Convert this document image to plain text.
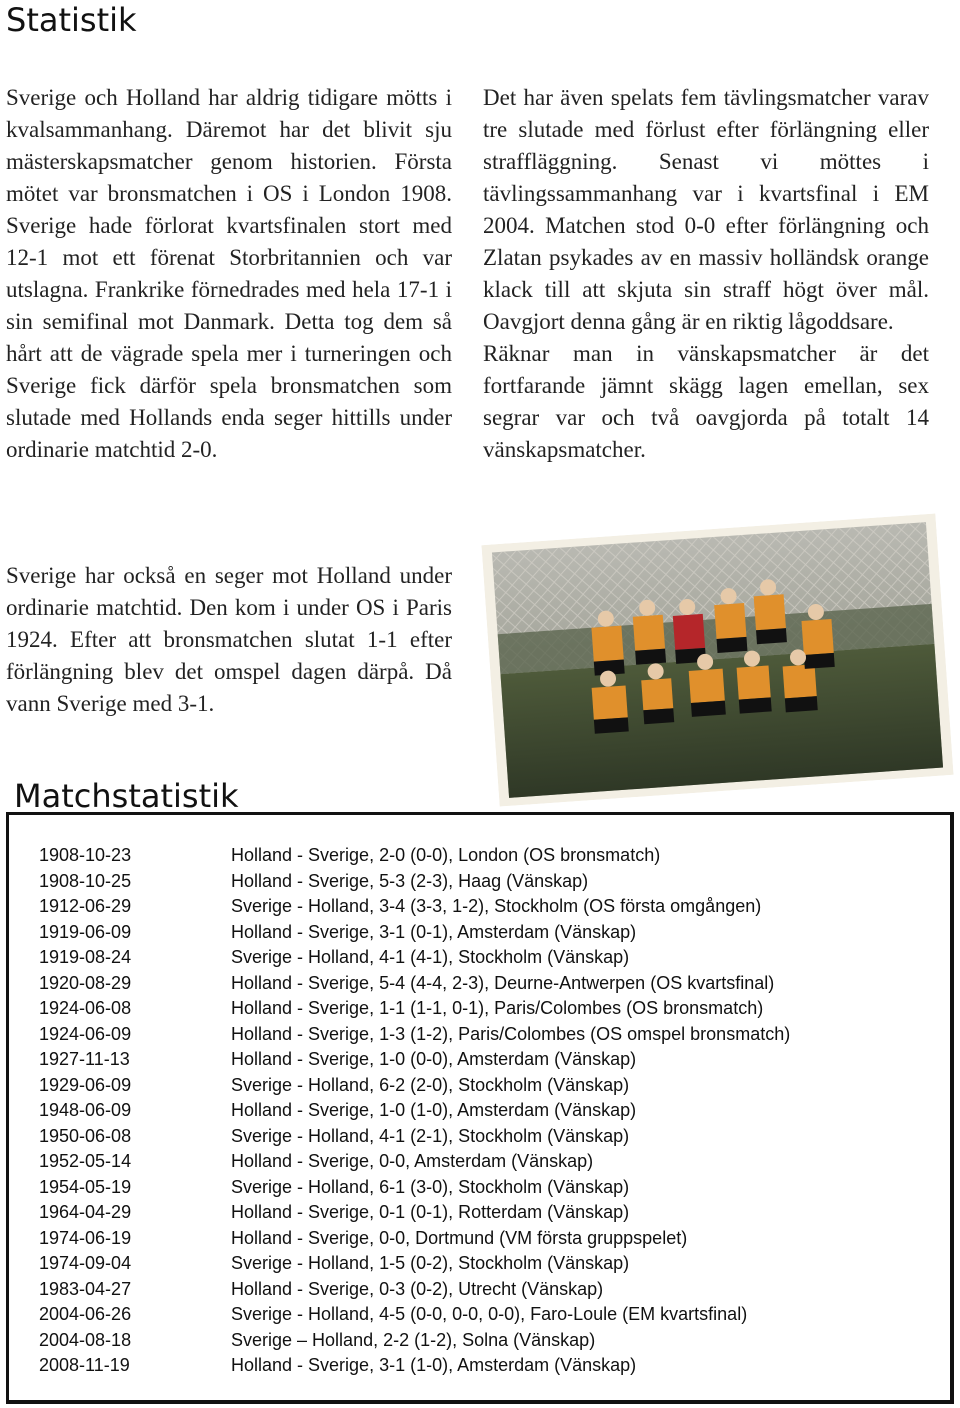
Statistik

Sverige och Holland har aldrig tidigare mötts i kvalsammanhang. Däremot har det blivit sju mästerskapsmatcher genom historien. Första mötet var bronsmatchen i OS i London 1908. Sverige hade förlorat kvartsfinalen stort med 12-1 mot ett förenat Storbritannien och var utslagna. Frankrike förnedrades med hela 17-1 i sin semifinal mot Danmark. Detta tog dem så hårt att de vägrade spela mer i turneringen och Sverige fick därför spela bronsmatchen som slutade med Hollands enda seger hittills under ordinarie matchtid 2-0.

Sverige har också en seger mot Holland under ordinarie matchtid. Den kom i under OS i Paris 1924. Efter att bronsmatchen slutat 1-1 efter förlängning blev det omspel dagen därpå. Då vann Sverige med 3-1.

Det har även spelats fem tävlingsmatcher varav tre slutade med förlust efter förlängning eller straffläggning. Senast vi möttes i tävlingssammanhang var i kvartsfinal i EM 2004. Matchen stod 0-0 efter förlängning och Zlatan psykades av en massiv holländsk orange klack till att skjuta sin straff högt över mål. Oavgjort denna gång är en riktig lågoddsare.

Räknar man in vänskapsmatcher är det fortfarande jämnt skägg lagen emellan, sex segrar var och två oavgjorda på totalt 14 vänskapsmatcher.

Matchstatistik
1908-10-23	Holland - Sverige, 2-0 (0-0), London (OS bronsmatch)
1908-10-25	Holland - Sverige, 5-3 (2-3), Haag (Vänskap)
1912-06-29	Sverige - Holland, 3-4 (3-3, 1-2), Stockholm (OS första omgången)
1919-06-09	Holland - Sverige, 3-1 (0-1), Amsterdam (Vänskap)
1919-08-24	Sverige - Holland, 4-1 (4-1), Stockholm (Vänskap)
1920-08-29	Holland - Sverige, 5-4 (4-4, 2-3), Deurne-Antwerpen (OS kvartsfinal)
1924-06-08	Holland - Sverige, 1-1 (1-1, 0-1), Paris/Colombes (OS bronsmatch)
1924-06-09	Holland - Sverige, 1-3 (1-2), Paris/Colombes (OS omspel bronsmatch)
1927-11-13	Holland - Sverige, 1-0 (0-0), Amsterdam (Vänskap)
1929-06-09	Sverige - Holland, 6-2 (2-0), Stockholm (Vänskap)
1948-06-09	Holland - Sverige, 1-0 (1-0), Amsterdam (Vänskap)
1950-06-08	Sverige - Holland, 4-1 (2-1), Stockholm (Vänskap)
1952-05-14	Holland - Sverige, 0-0, Amsterdam (Vänskap)
1954-05-19	Sverige - Holland, 6-1 (3-0), Stockholm (Vänskap)
1964-04-29	Holland - Sverige, 0-1 (0-1), Rotterdam (Vänskap)
1974-06-19	Holland - Sverige, 0-0, Dortmund (VM första gruppspelet)
1974-09-04	Sverige - Holland, 1-5 (0-2), Stockholm (Vänskap)
1983-04-27	Holland - Sverige, 0-3 (0-2), Utrecht (Vänskap)
2004-06-26	Sverige - Holland, 4-5 (0-0, 0-0, 0-0), Faro-Loule (EM kvartsfinal)
2004-08-18	Sverige – Holland, 2-2 (1-2), Solna (Vänskap)
2008-11-19	Holland - Sverige, 3-1 (1-0), Amsterdam (Vänskap)
